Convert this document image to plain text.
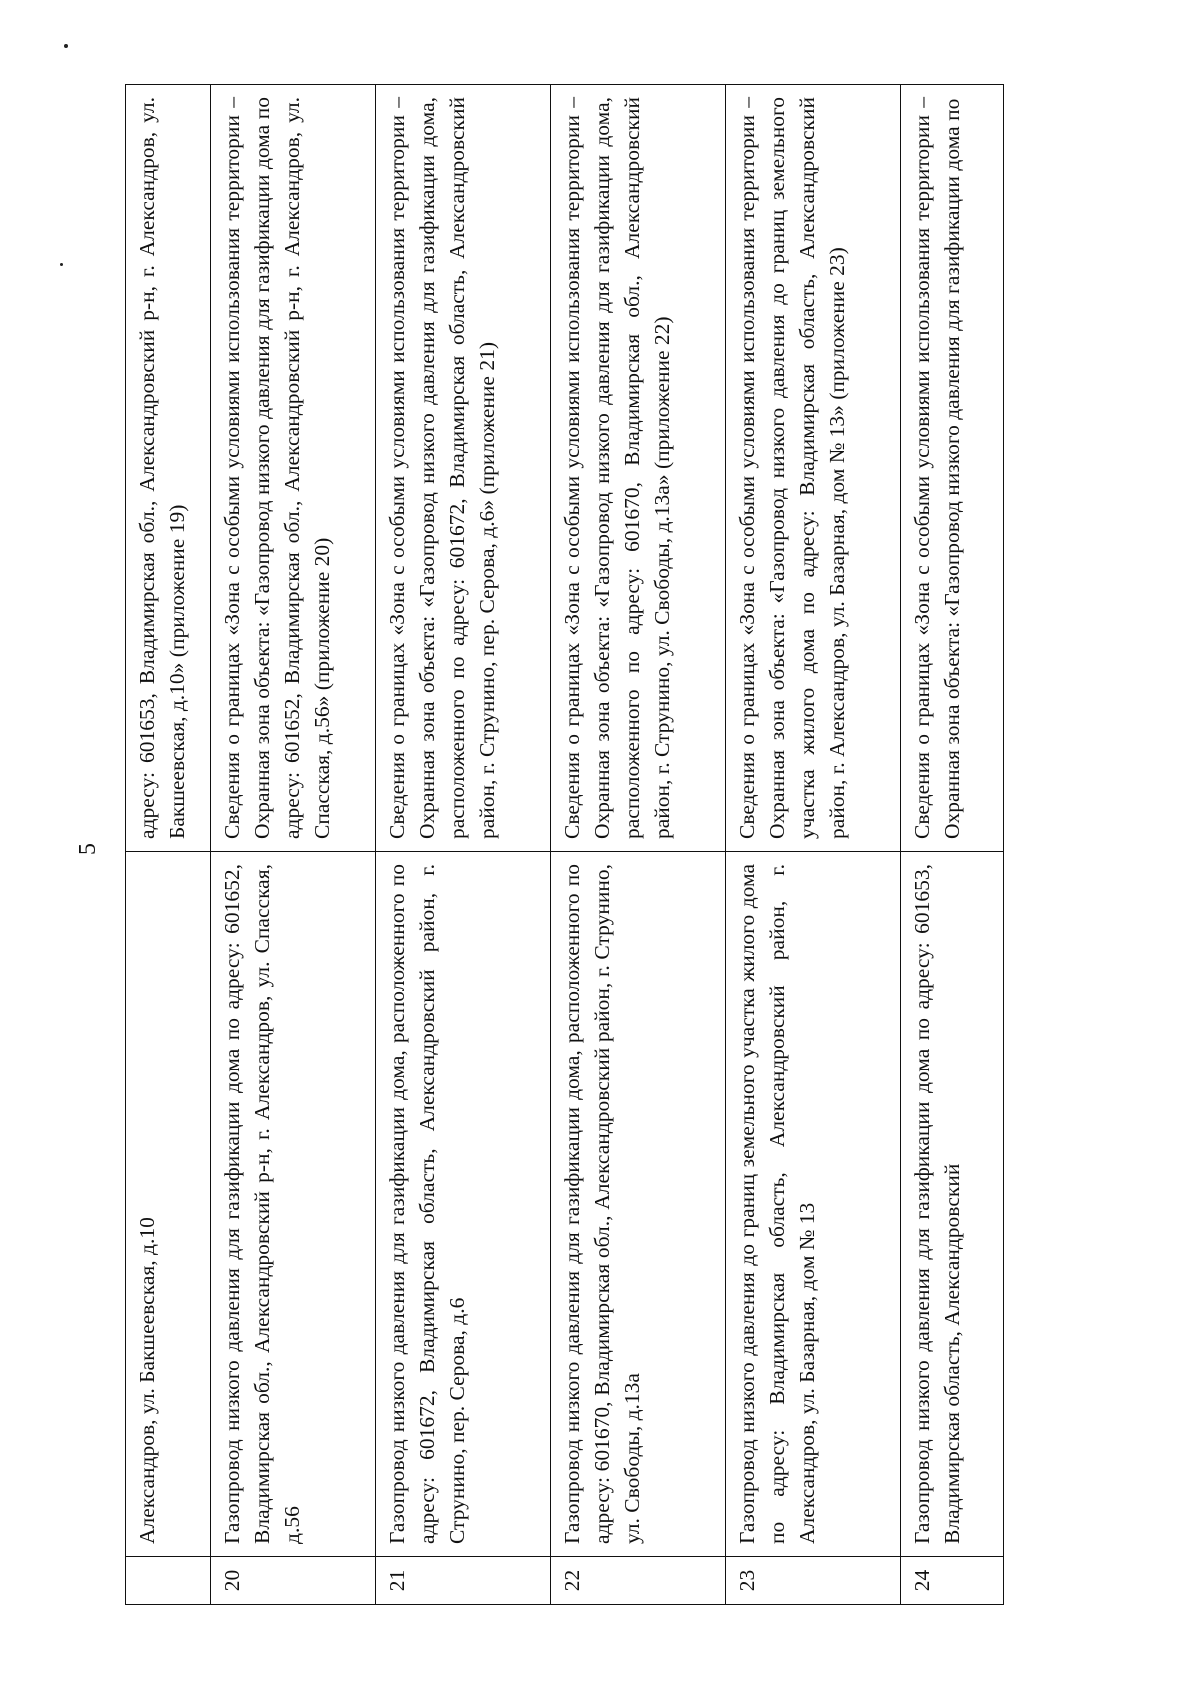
5
	Александров, ул. Бакшеевская, д.10	адресу: 601653, Владимирская обл., Александровский р-н, г. Александров, ул. Бакшеевская, д.10» (приложение 19)
20	Газопровод низкого давления для газификации дома по адресу: 601652, Владимирская обл., Александровский р-н, г. Александров, ул. Спасская, д.56	Сведения о границах «Зона с особыми условиями использования территории – Охранная зона объекта: «Газопровод низкого давления для газификации дома по адресу: 601652, Владимирская обл., Александровский р-н, г. Александров, ул. Спасская, д.56» (приложение 20)
21	Газопровод низкого давления для газификации дома, расположенного по адресу: 601672, Владимирская область, Александровский район, г. Струнино, пер. Серова, д.6	Сведения о границах «Зона с особыми условиями использования территории – Охранная зона объекта: «Газопровод низкого давления для газификации дома, расположенного по адресу: 601672, Владимирская область, Александровский район, г. Струнино, пер. Серова, д.6» (приложение 21)
22	Газопровод низкого давления для газификации дома, расположенного по адресу: 601670, Владимирская обл., Александровский район, г. Струнино, ул. Свободы, д.13а	Сведения о границах «Зона с особыми условиями использования территории – Охранная зона объекта: «Газопровод низкого давления для газификации дома, расположенного по адресу: 601670, Владимирская обл., Александровский район, г. Струнино, ул. Свободы, д.13а» (приложение 22)
23	Газопровод низкого давления до границ земельного участка жилого дома по адресу: Владимирская область, Александровский район, г. Александров, ул. Базарная, дом № 13	Сведения о границах «Зона с особыми условиями использования территории – Охранная зона объекта: «Газопровод низкого давления до границ земельного участка жилого дома по адресу: Владимирская область, Александровский район, г. Александров, ул. Базарная, дом № 13» (приложение 23)
24	Газопровод низкого давления для газификации дома по адресу: 601653, Владимирская область, Александровский	Сведения о границах «Зона с особыми условиями использования территории – Охранная зона объекта: «Газопровод низкого давления для газификации дома по
